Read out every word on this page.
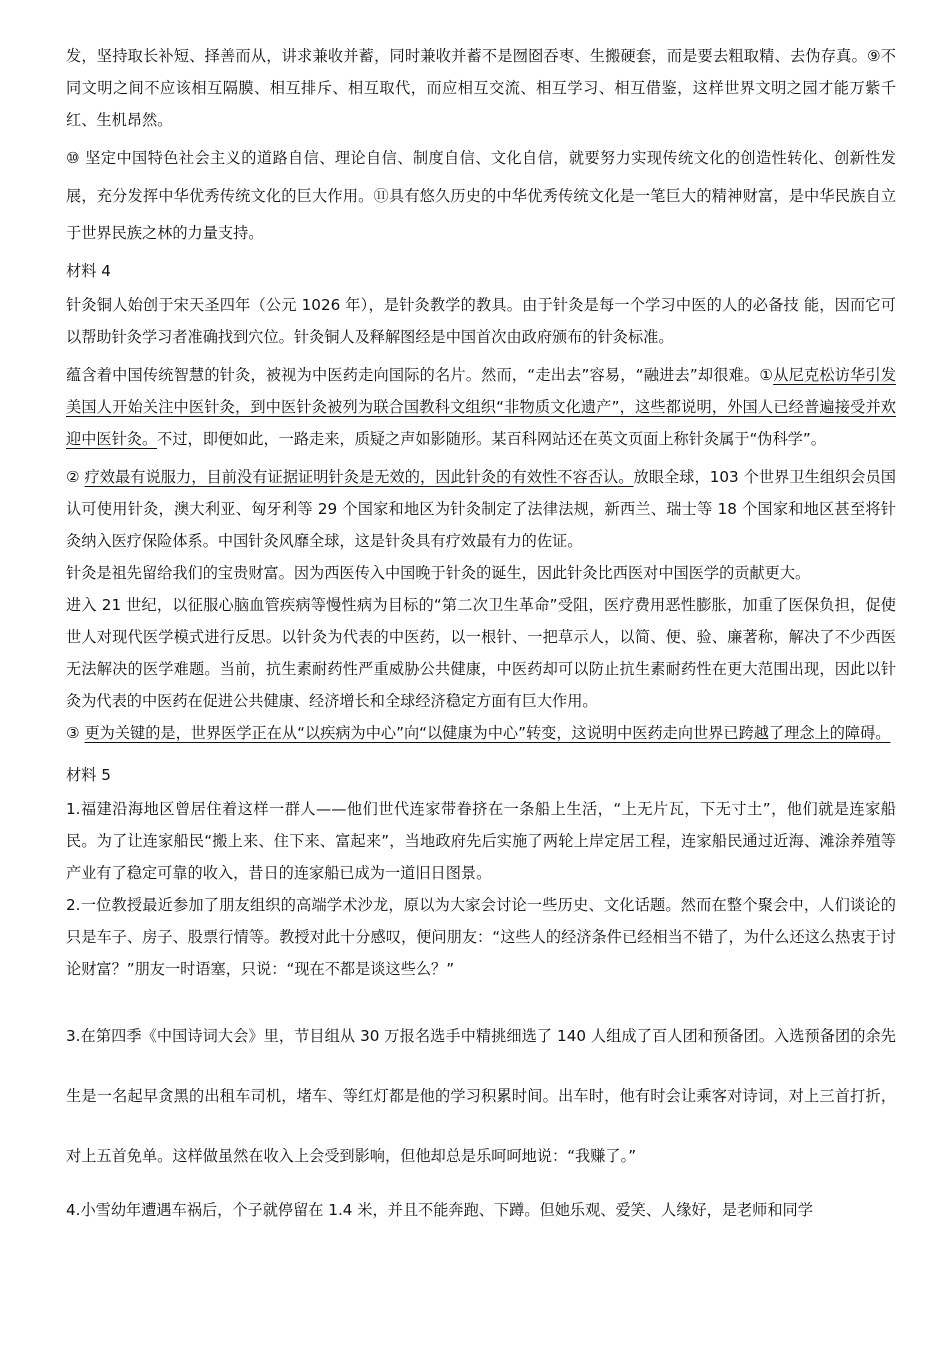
发，坚持取长补短、择善而从，讲求兼收并蓄，同时兼收并蓄不是囫囵吞枣、生搬硬套，而是要去粗取精、去伪存真。⑨不同文明之间不应该相互隔膜、相互排斥、相互取代，而应相互交流、相互学习、相互借鉴，这样世界文明之园才能万紫千红、生机昂然。

⑩ 坚定中国特色社会主义的道路自信、理论自信、制度自信、文化自信，就要努力实现传统文化的创造性转化、创新性发展，充分发挥中华优秀传统文化的巨大作用。⑪具有悠久历史的中华优秀传统文化是一笔巨大的精神财富，是中华民族自立于世界民族之林的力量支持。

材料 4

针灸铜人始创于宋天圣四年（公元 1026 年），是针灸教学的教具。由于针灸是每一个学习中医的人的必备技 能，因而它可以帮助针灸学习者准确找到穴位。针灸铜人及释解图经是中国首次由政府颁布的针灸标准。

蕴含着中国传统智慧的针灸，被视为中医药走向国际的名片。然而，“走出去”容易，“融进去”却很难。①从尼克松访华引发美国人开始关注中医针灸，到中医针灸被列为联合国教科文组织“非物质文化遗产”，这些都说明，外国人已经普遍接受并欢迎中医针灸。不过，即便如此，一路走来，质疑之声如影随形。某百科网站还在英文页面上称针灸属于“伪科学”。

② 疗效最有说服力，目前没有证据证明针灸是无效的，因此针灸的有效性不容否认。放眼全球，103 个世界卫生组织会员国认可使用针灸，澳大利亚、匈牙利等 29 个国家和地区为针灸制定了法律法规，新西兰、瑞士等 18 个国家和地区甚至将针灸纳入医疗保险体系。中国针灸风靡全球，这是针灸具有疗效最有力的佐证。

针灸是祖先留给我们的宝贵财富。因为西医传入中国晚于针灸的诞生，因此针灸比西医对中国医学的贡献更大。

进入 21 世纪，以征服心脑血管疾病等慢性病为目标的“第二次卫生革命”受阻，医疗费用恶性膨胀，加重了医保负担，促使世人对现代医学模式进行反思。以针灸为代表的中医药，以一根针、一把草示人，以简、便、验、廉著称，解决了不少西医无法解决的医学难题。当前，抗生素耐药性严重威胁公共健康，中医药却可以防止抗生素耐药性在更大范围出现，因此以针灸为代表的中医药在促进公共健康、经济增长和全球经济稳定方面有巨大作用。

③ 更为关键的是，世界医学正在从“以疾病为中心”向“以健康为中心”转变，这说明中医药走向世界已跨越了理念上的障碍。

材料 5

1.福建沿海地区曾居住着这样一群人——他们世代连家带眷挤在一条船上生活，“上无片瓦，下无寸土”，他们就是连家船民。为了让连家船民“搬上来、住下来、富起来”，当地政府先后实施了两轮上岸定居工程，连家船民通过近海、滩涂养殖等产业有了稳定可靠的收入，昔日的连家船已成为一道旧日图景。

2.一位教授最近参加了朋友组织的高端学术沙龙，原以为大家会讨论一些历史、文化话题。然而在整个聚会中，人们谈论的只是车子、房子、股票行情等。教授对此十分感叹，便问朋友：“这些人的经济条件已经相当不错了，为什么还这么热衷于讨论财富？”朋友一时语塞，只说：“现在不都是谈这些么？”

3.在第四季《中国诗词大会》里，节目组从 30 万报名选手中精挑细选了 140 人组成了百人团和预备团。入选预备团的余先生是一名起早贪黑的出租车司机，堵车、等红灯都是他的学习积累时间。出车时，他有时会让乘客对诗词，对上三首打折，对上五首免单。这样做虽然在收入上会受到影响，但他却总是乐呵呵地说：“我赚了。”

4.小雪幼年遭遇车祸后，个子就停留在 1.4 米，并且不能奔跑、下蹲。但她乐观、爱笑、人缘好，是老师和同学
